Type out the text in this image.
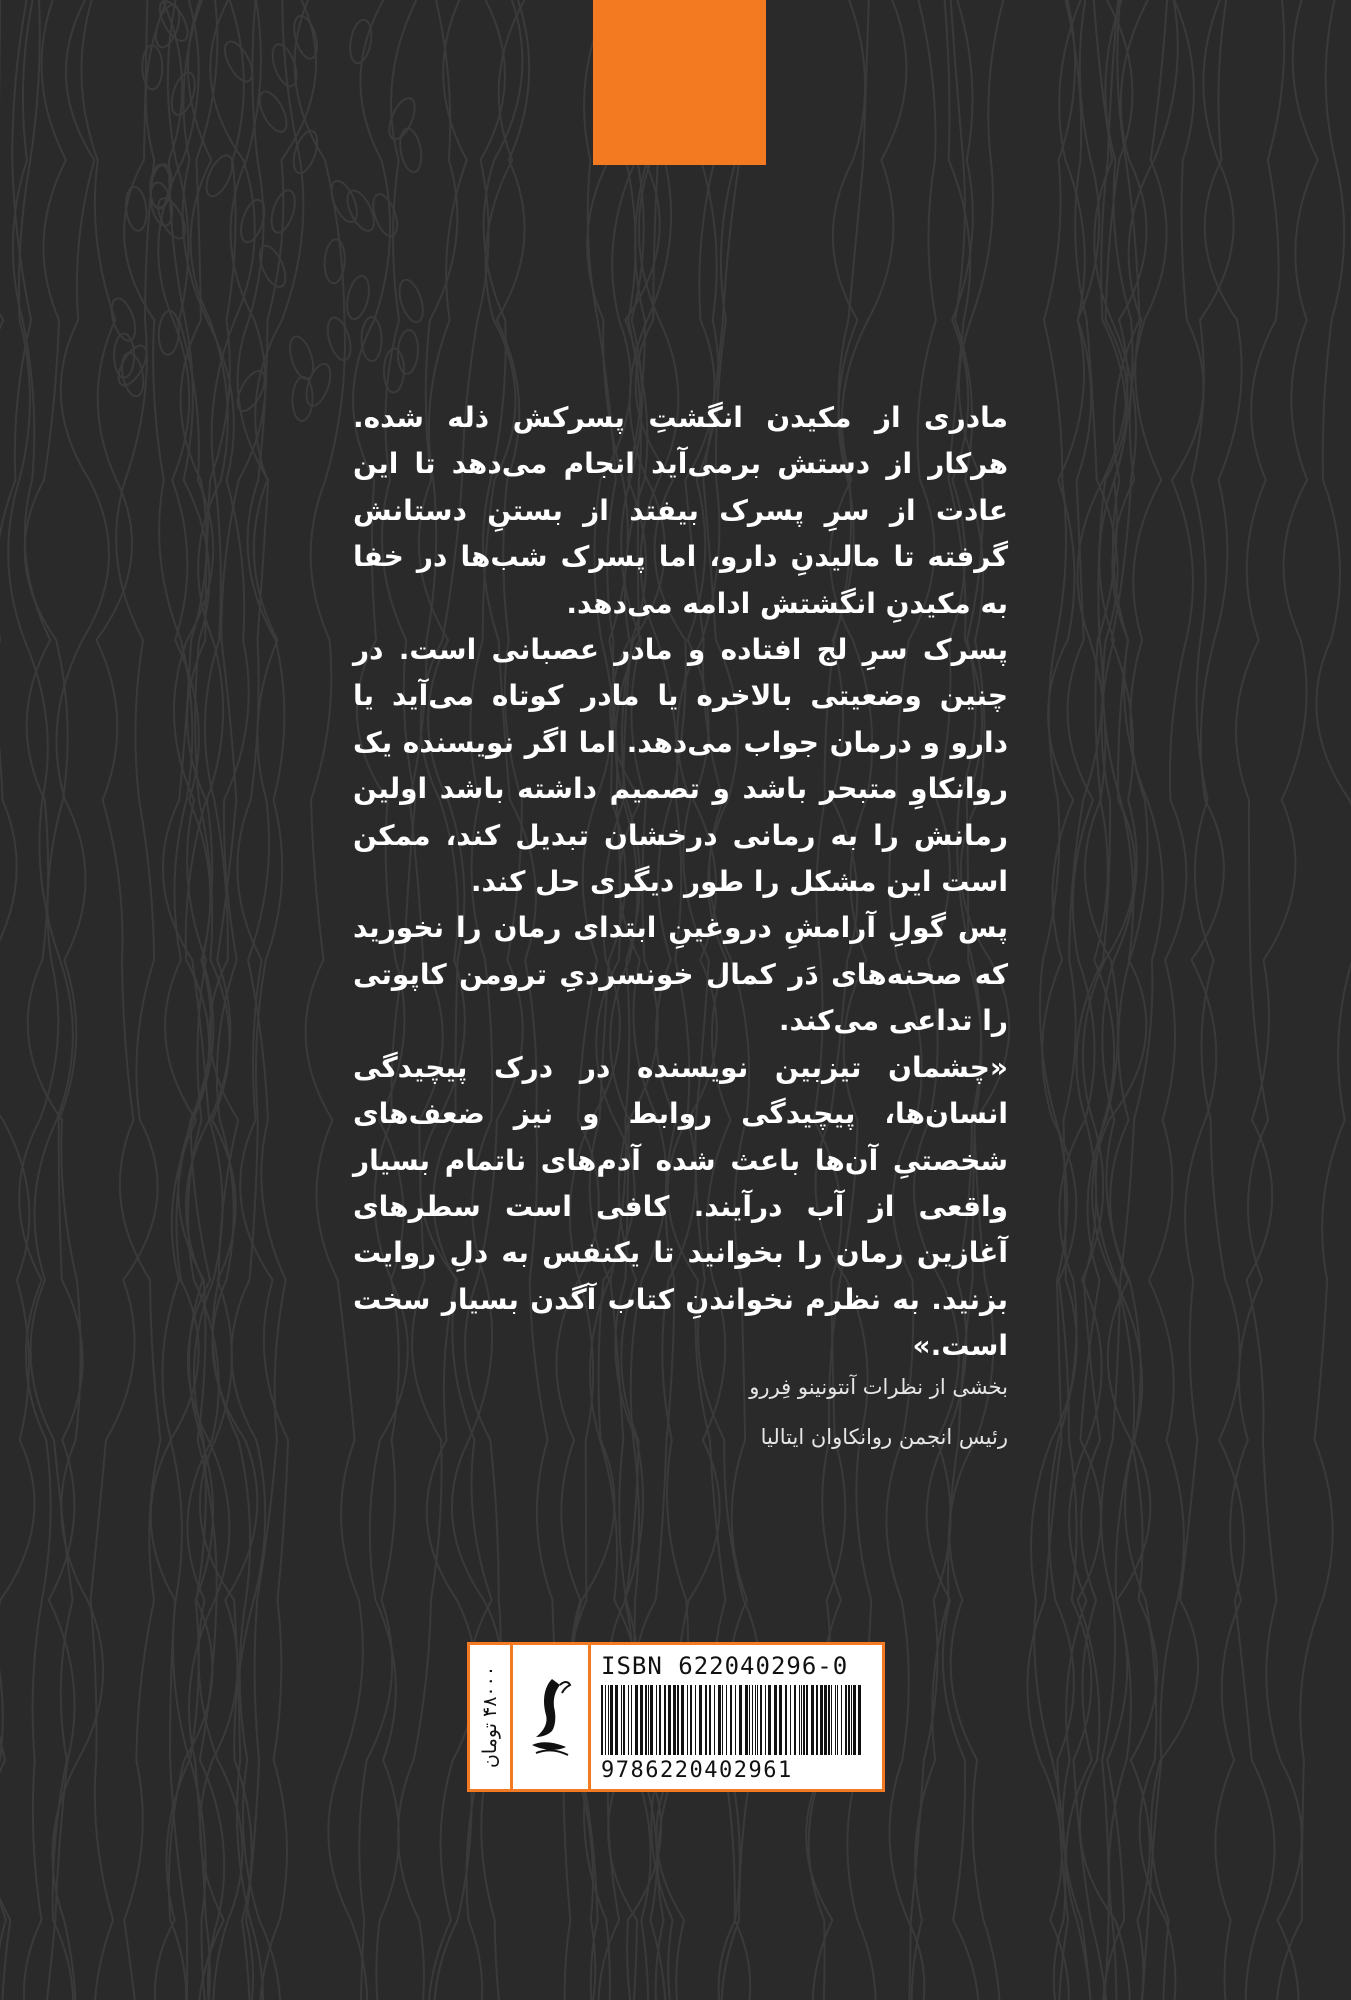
مادری از مکیدن انگشتِ پسرکش ذله شده. هرکار از دستش برمی‌آید انجام می‌دهد تا این عادت از سرِ پسرک بیفتد از بستنِ دستانش گرفته تا مالیدنِ دارو، اما پسرک شب‌ها در خفا به مکیدنِ انگشتش ادامه می‌دهد.

پسرک سرِ لج افتاده و مادر عصبانی است. در چنین وضعیتی بالاخره یا مادر کوتاه می‌آید یا دارو و درمان جواب می‌دهد. اما اگر نویسنده یک روانکاوِ متبحر باشد و تصمیم داشته باشد اولین رمانش را به رمانی درخشان تبدیل کند، ممکن است این مشکل را طور دیگری حل کند.

پس گولِ آرامشِ دروغینِ ابتدای رمان را نخورید که صحنه‌های دَر کمال خونسردیِ ترومن کاپوتی را تداعی می‌کند.

«چشمان تیزبین نویسنده در درک پیچیدگی انسان‌ها، پیچیدگی روابط و نیز ضعف‌های شخصتیِ آن‌ها باعث شده آدم‌های ناتمام بسیار واقعی از آب درآیند. کافی است سطرهای آغازین رمان را بخوانید تا یکنفس به دلِ روایت بزنید. به نظرم نخواندنِ کتاب آگدن بسیار سخت است.»

بخشی از نظرات آنتونینو فِررو
رئیس انجمن روانکاوان ایتالیا
۴۸۰۰۰ تومان	ISBN 622040296-0
9786220402961
